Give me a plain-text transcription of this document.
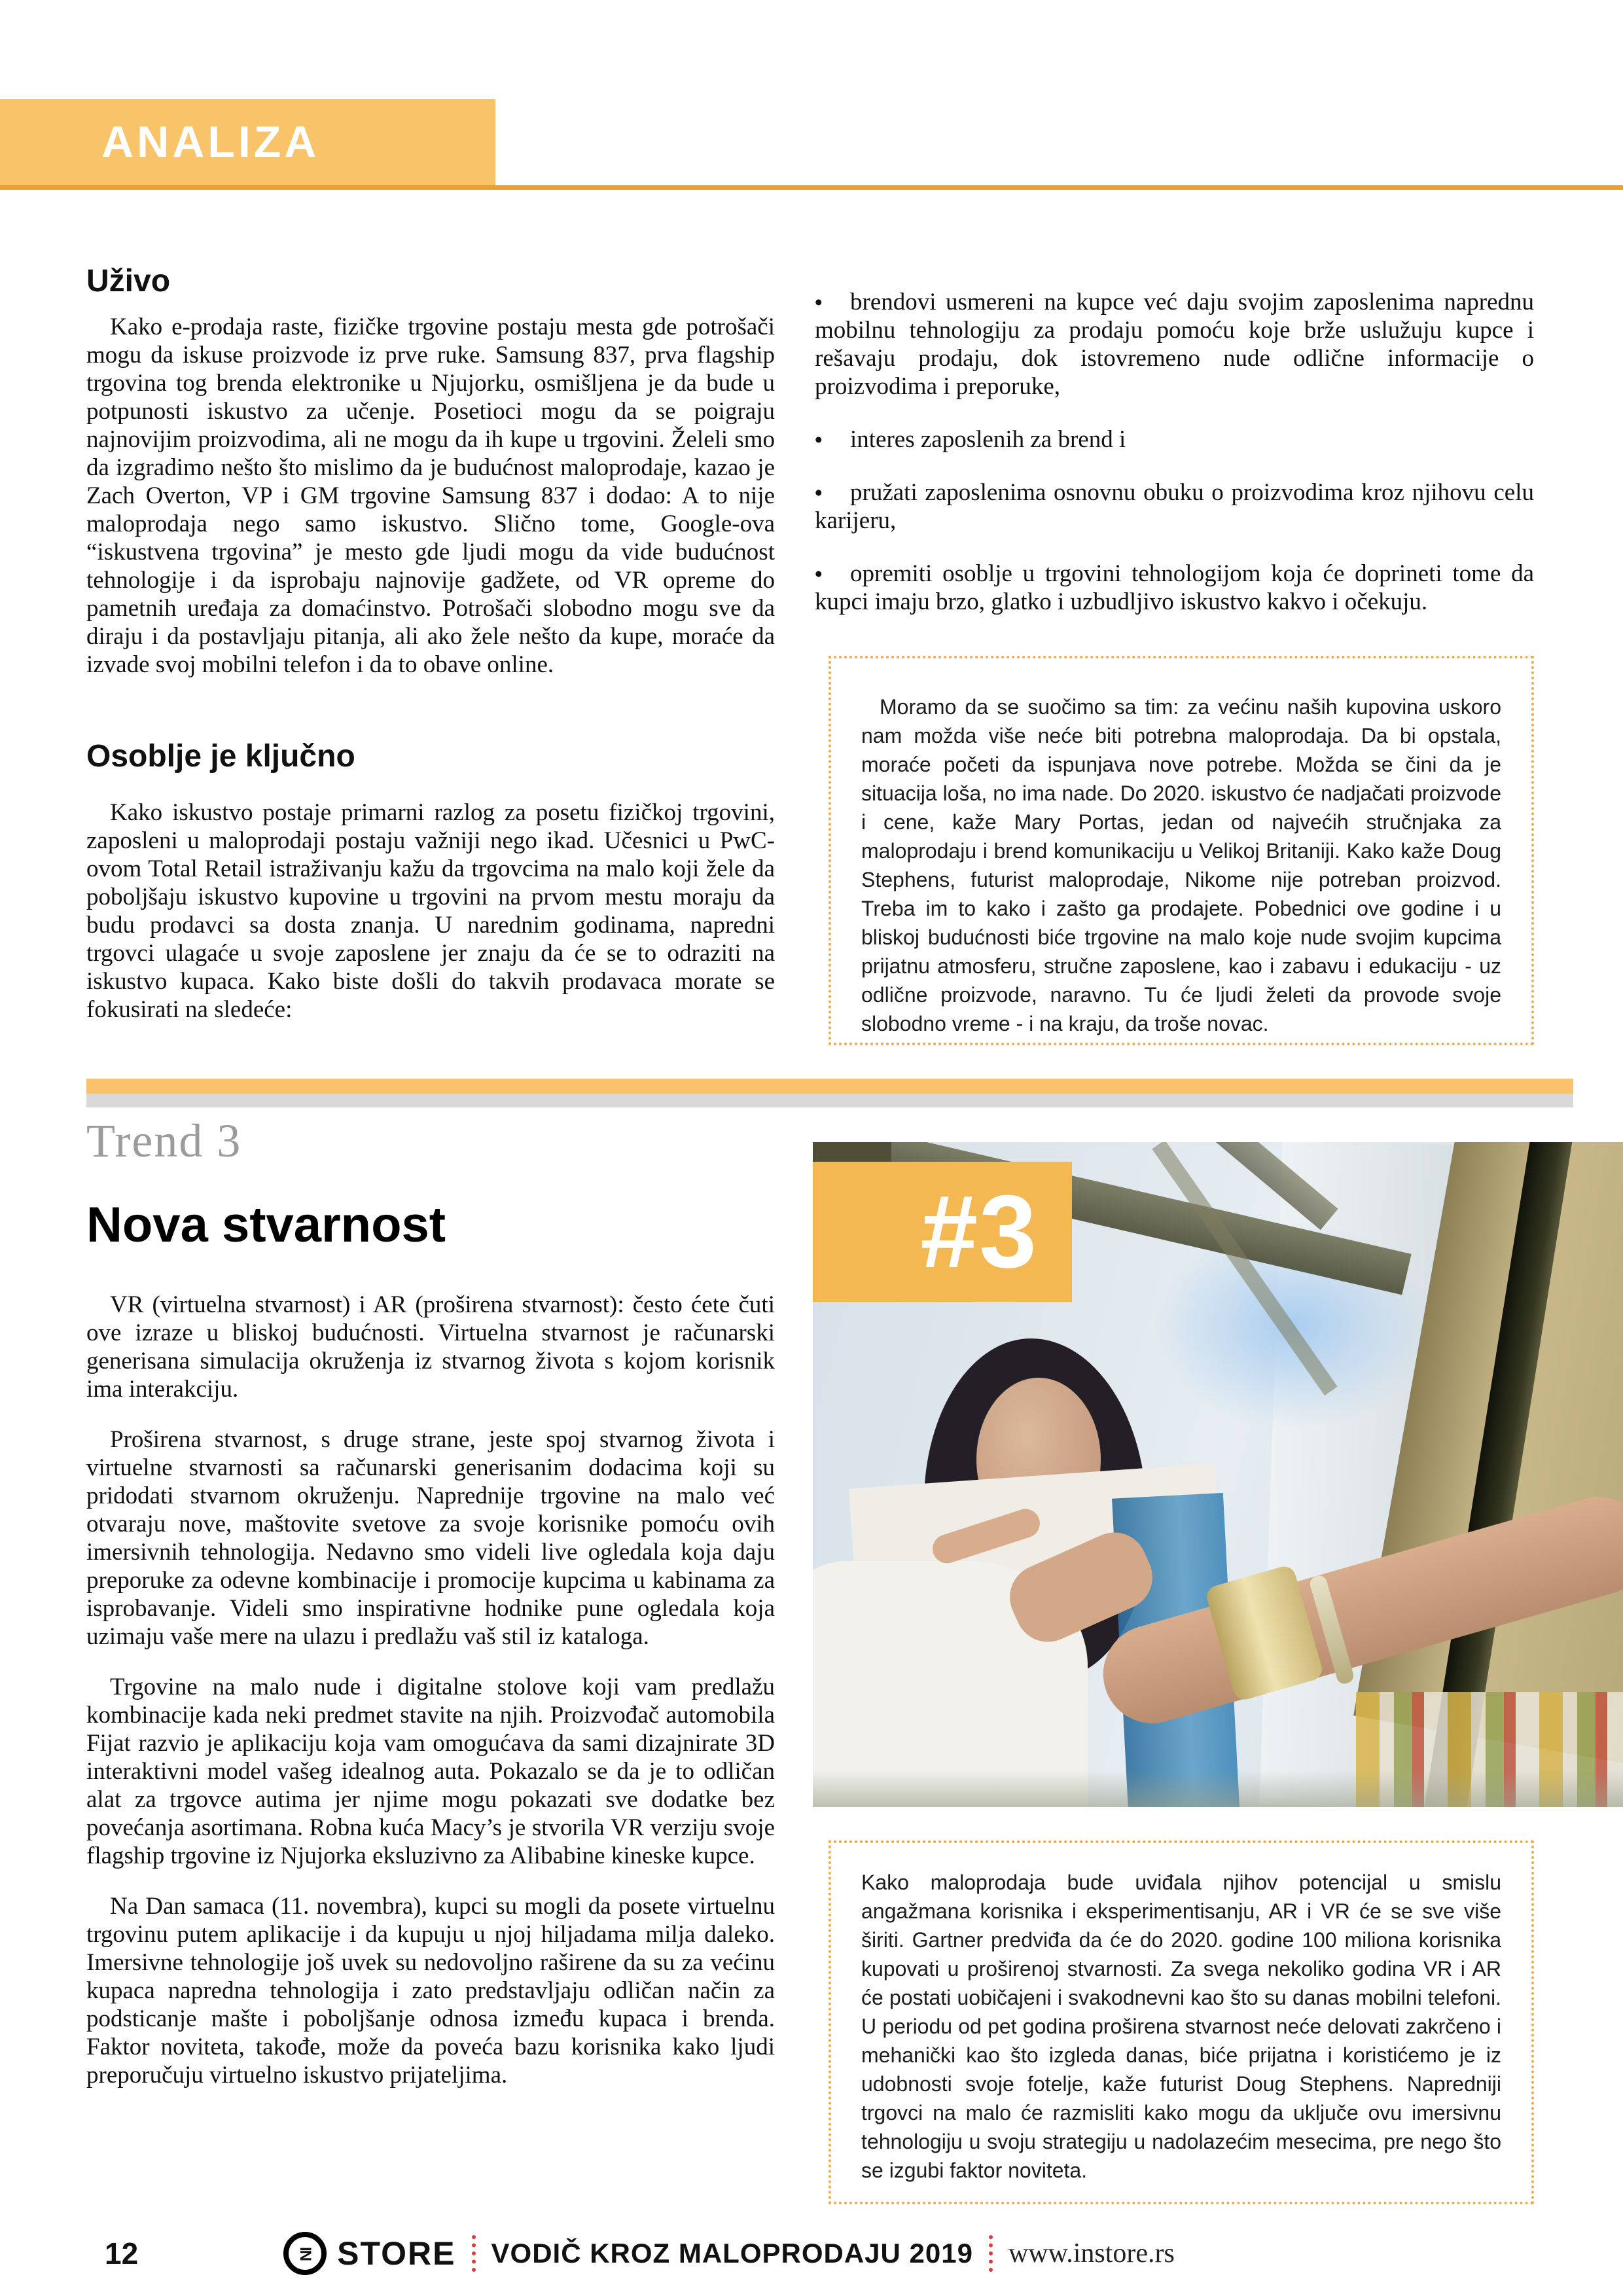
ANALIZA
Uživo

Kako e-prodaja raste, fizičke trgovine postaju mesta gde potrošači mogu da iskuse proizvode iz prve ruke. Samsung 837, prva flagship trgovina tog brenda elektronike u Njujorku, osmišljena je da bude u potpunosti iskustvo za učenje. Posetioci mogu da se poigraju najnovijim proizvodima, ali ne mogu da ih kupe u trgovini. Želeli smo da izgradimo nešto što mislimo da je budućnost maloprodaje, kazao je Zach Overton, VP i GM trgovine Samsung 837 i dodao: A to nije maloprodaja nego samo iskustvo. Slično tome, Google-ova “iskustvena trgovina” je mesto gde ljudi mogu da vide budućnost tehnologije i da isprobaju najnovije gadžete, od VR opreme do pametnih uređaja za domaćinstvo. Potrošači slobodno mogu sve da diraju i da postavljaju pitanja, ali ako žele nešto da kupe, moraće da izvade svoj mobilni telefon i da to obave online.

Osoblje je ključno

Kako iskustvo postaje primarni razlog za posetu fizičkoj trgovini, zaposleni u maloprodaji postaju važniji nego ikad. Učesnici u PwC-ovom Total Retail istraživanju kažu da trgovcima na malo koji žele da poboljšaju iskustvo kupovine u trgovini na prvom mestu moraju da budu prodavci sa dosta znanja. U narednim godinama, napredni trgovci ulagaće u svoje zaposlene jer znaju da će se to odraziti na iskustvo kupaca. Kako biste došli do takvih prodavaca morate se fokusirati na sledeće:

• brendovi usmereni na kupce već daju svojim zaposlenima naprednu mobilnu tehnologiju za prodaju pomoću koje brže uslužuju kupce i rešavaju prodaju, dok istovremeno nude odlične informacije o proizvodima i preporuke,

• interes zaposlenih za brend i

• pružati zaposlenima osnovnu obuku o proizvodima kroz njihovu celu karijeru,

• opremiti osoblje u trgovini tehnologijom koja će doprineti tome da kupci imaju brzo, glatko i uzbudljivo iskustvo kakvo i očekuju.

Moramo da se suočimo sa tim: za većinu naših kupovina uskoro nam možda više neće biti potrebna maloprodaja. Da bi opstala, moraće početi da ispunjava nove potrebe. Možda se čini da je situacija loša, no ima nade. Do 2020. iskustvo će nadjačati proizvode i cene, kaže Mary Portas, jedan od najvećih stručnjaka za maloprodaju i brend komunikaciju u Velikoj Britaniji. Kako kaže Doug Stephens, futurist maloprodaje, Nikome nije potreban proizvod. Treba im to kako i zašto ga prodajete. Pobednici ove godine i u bliskoj budućnosti biće trgovine na malo koje nude svojim kupcima prijatnu atmosferu, stručne zaposlene, kao i zabavu i edukaciju - uz odlične proizvode, naravno. Tu će ljudi želeti da provode svoje slobodno vreme - i na kraju, da troše novac.

Trend 3
Nova stvarnost

VR (virtuelna stvarnost) i AR (proširena stvarnost): često ćete čuti ove izraze u bliskoj budućnosti. Virtuelna stvarnost je računarski generisana simulacija okruženja iz stvarnog života s kojom korisnik ima interakciju.

Proširena stvarnost, s druge strane, jeste spoj stvarnog života i virtuelne stvarnosti sa računarski generisanim dodacima koji su pridodati stvarnom okruženju. Naprednije trgovine na malo već otvaraju nove, maštovite svetove za svoje korisnike pomoću ovih imersivnih tehnologija. Nedavno smo videli live ogledala koja daju preporuke za odevne kombinacije i promocije kupcima u kabinama za isprobavanje. Videli smo inspirativne hodnike pune ogledala koja uzimaju vaše mere na ulazu i predlažu vaš stil iz kataloga.

Trgovine na malo nude i digitalne stolove koji vam predlažu kombinacije kada neki predmet stavite na njih. Proizvođač automobila Fijat razvio je aplikaciju koja vam omogućava da sami dizajnirate 3D interaktivni model vašeg idealnog auta. Pokazalo se da je to odličan alat za trgovce autima jer njime mogu pokazati sve dodatke bez povećanja asortimana. Robna kuća Macy’s je stvorila VR verziju svoje flagship trgovine iz Njujorka eksluzivno za Alibabine kineske kupce.

Na Dan samaca (11. novembra), kupci su mogli da posete virtuelnu trgovinu putem aplikacije i da kupuju u njoj hiljadama milja daleko. Imersivne tehnologije još uvek su nedovoljno raširene da su za većinu kupaca napredna tehnologija i zato predstavljaju odličan način za podsticanje mašte i poboljšanje odnosa između kupaca i brenda. Faktor noviteta, takođe, može da poveća bazu korisnika kako ljudi preporučuju virtuelno iskustvo prijateljima.

#3

Kako maloprodaja bude uviđala njihov potencijal u smislu angažmana korisnika i eksperimentisanju, AR i VR će se sve više širiti. Gartner predviđa da će do 2020. godine 100 miliona korisnika kupovati u proširenoj stvarnosti. Za svega nekoliko godina VR i AR će postati uobičajeni i svakodnevni kao što su danas mobilni telefoni. U periodu od pet godina proširena stvarnost neće delovati zakrčeno i mehanički kao što izgleda danas, biće prijatna i koristićemo je iz udobnosti svoje fotelje, kaže futurist Doug Stephens. Napredniji trgovci na malo će razmisliti kako mogu da uključe ovu imersivnu tehnologiju u svoju strategiju u nadolazećim mesecima, pre nego što se izgubi faktor noviteta.

12	IN STORE VODIČ KROZ MALOPRODAJU 2019 www.instore.rs
